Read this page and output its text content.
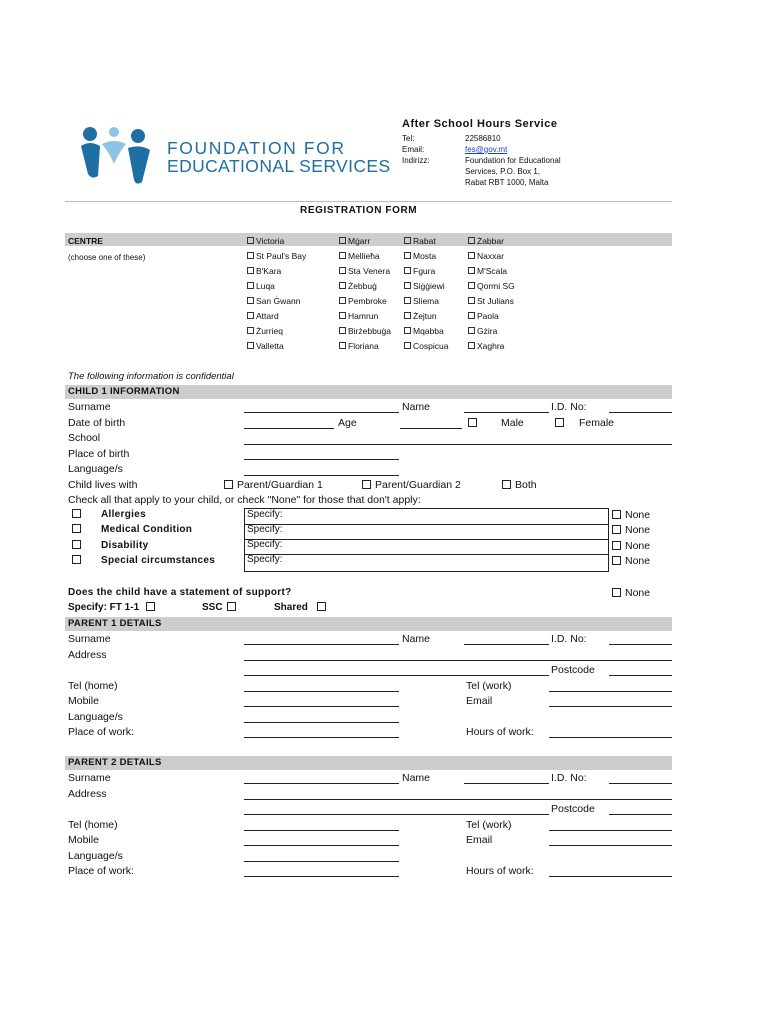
FOUNDATION FOR
EDUCATIONAL SERVICES
After School Hours Service
Tel:	22586810
Email:	fes@gov.mt
Indirizz:	Foundation for Educational
Services, P.O. Box 1,
Rabat RBT 1000, Malta
REGISTRATION FORM
CENTRE
(choose one of these)
Victoria	Mġarr	Rabat	Żabbar
St Paul's Bay	Mellieħa	Mosta	Naxxar
B'Kara	Sta Venera	Fgura	M'Scala
Luqa	Żebbuġ	Siġġiewi	Qormi SG
San Ġwann	Pembroke	Sliema	St Julians
Attard	Hamrun	Żejtun	Paola
Żurrieq	Birżebbuġa	Mqabba	Gżira
Valletta	Floriana	Cospicua	Xaghra
The following information is confidential
CHILD 1 INFORMATION
Surname	Name	I.D. No:
Date of birth	Age	Male	Female
School
Place of birth
Language/s
Child lives with	Parent/Guardian 1	Parent/Guardian 2	Both
Check all that apply to your child, or check "None" for those that don't apply:
Allergies	None
Medical Condition	None
Disability	None
Special circumstances	None
Specify:
Specify:
Specify:
Specify:
Does the child have a statement of support?	None
Specify: FT 1-1	SSC	Shared
PARENT 1 DETAILS
Surname	Name	I.D. No:
Address
Postcode
Tel (home)	Tel (work)
Mobile	Email
Language/s
Place of work:	Hours of work:
PARENT 2 DETAILS
Surname	Name	I.D. No:
Address
Postcode
Tel (home)	Tel (work)
Mobile	Email
Language/s
Place of work:	Hours of work:
